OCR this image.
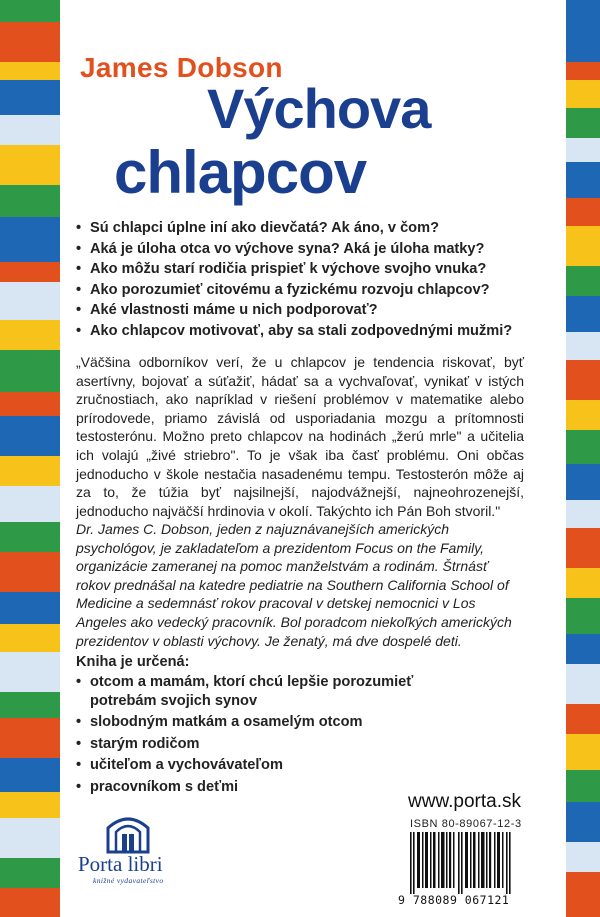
James Dobson
Výchova
chlapcov
• Sú chlapci úplne iní ako dievčatá? Ak áno, v čom?
• Aká je úloha otca vo výchove syna? Aká je úloha matky?
• Ako môžu starí rodičia prispieť k výchove svojho vnuka?
• Ako porozumieť citovému a fyzickému rozvoju chlapcov?
• Aké vlastnosti máme u nich podporovať?
• Ako chlapcov motivovať, aby sa stali zodpovednými mužmi?

„Väčšina odborníkov verí, že u chlapcov je tendencia riskovať, byť asertívny, bojovať a súťažiť, hádať sa a vychvaľovať, vynikať v istých zručnostiach, ako napríklad v riešení problémov v matematike alebo prírodovede, priamo závislá od usporiadania mozgu a prítomnosti testosterónu. Možno preto chlapcov na hodinách „žerú mrle" a učitelia ich volajú „živé striebro". To je však iba časť problému. Oni občas jednoducho v škole nestačia nasadenému tempu. Testosterón môže aj za to, že túžia byť najsilnejší, najodvážnejší, najneohrozenejší, jednoducho najväčší hrdinovia v okolí. Takýchto ich Pán Boh stvoril."

Dr. James C. Dobson, jeden z najuznávanejších amerických psychológov, je zakladateľom a prezidentom Focus on the Family, organizácie zameranej na pomoc manželstvám a rodinám. Štrnásť rokov prednášal na katedre pediatrie na Southern California School of Medicine a sedemnásť rokov pracoval v detskej nemocnici v Los Angeles ako vedecký pracovník. Bol poradcom niekoľkých amerických prezidentov v oblasti výchovy. Je ženatý, má dve dospelé deti.

Kniha je určená:
• otcom a mamám, ktorí chcú lepšie porozumieť potrebám svojich synov
• slobodným matkám a osamelým otcom
• starým rodičom
• učiteľom a vychovávateľom
• pracovníkom s deťmi
Porta libri
knižné vydavateľstvo
www.porta.sk
ISBN 80-89067-12-3
9 788089 067121
